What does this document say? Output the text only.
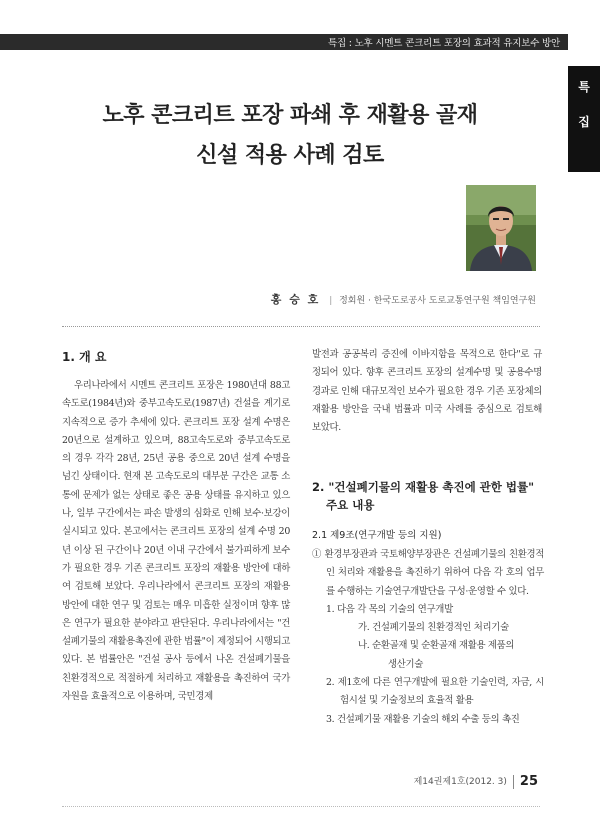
특집 : 노후 시멘트 콘크리트 포장의 효과적 유지보수 방안
특
집
노후 콘크리트 포장 파쇄 후 재활용 골재
신설 적용 사례 검토
홍 승 호 | 정회원 · 한국도로공사 도로교통연구원 책임연구원
1. 개 요
우리나라에서 시멘트 콘크리트 포장은 1980년대 88고속도로(1984년)와 중부고속도로(1987년) 건설을 계기로 지속적으로 증가 추세에 있다. 콘크리트 포장 설계 수명은 20년으로 설계하고 있으며, 88고속도로와 중부고속도로의 경우 각각 28년, 25년 공용 중으로 20년 설계 수명을 넘긴 상태이다. 현재 본 고속도로의 대부분 구간은 교통 소통에 문제가 없는 상태로 좋은 공용 상태를 유지하고 있으나, 일부 구간에서는 파손 발생의 심화로 인해 보수·보강이 실시되고 있다. 본고에서는 콘크리트 포장의 설계 수명 20년 이상 된 구간이나 20년 이내 구간에서 불가피하게 보수가 필요한 경우 기존 콘크리트 포장의 재활용 방안에 대하여 검토해 보았다. 우리나라에서 콘크리트 포장의 재활용 방안에 대한 연구 및 검토는 매우 미흡한 실정이며 향후 많은 연구가 필요한 분야라고 판단된다. 우리나라에서는 "건설폐기물의 재활용촉진에 관한 법률"이 제정되어 시행되고 있다. 본 법률안은 "건설 공사 등에서 나온 건설폐기물을 친환경적으로 적절하게 처리하고 재활용을 촉진하여 국가 자원을 효율적으로 이용하며, 국민경제
발전과 공공복리 증진에 이바지함을 목적으로 한다"로 규정되어 있다. 향후 콘크리트 포장의 설계수명 및 공용수명 경과로 인해 대규모적인 보수가 필요한 경우 기존 포장체의 재활용 방안을 국내 법률과 미국 사례를 중심으로 검토해 보았다.
2. "건설폐기물의 재활용 촉진에 관한 법률"
주요 내용
2.1 제9조(연구개발 등의 지원)
① 환경부장관과 국토해양부장관은 건설폐기물의 친환경적인 처리와 재활용을 촉진하기 위하여 다음 각 호의 업무를 수행하는 기술연구개발단을 구성·운영할 수 있다.
1. 다음 각 목의 기술의 연구개발
가. 건설폐기물의 친환경적인 처리기술
나. 순환골재 및 순환골재 재활용 제품의
생산기술
2. 제1호에 다른 연구개발에 필요한 기술인력, 자금, 시험시설 및 기술정보의 효율적 활용
3. 건설폐기물 재활용 기술의 해외 수출 등의 촉진
제14권제1호(2012. 3) 25
